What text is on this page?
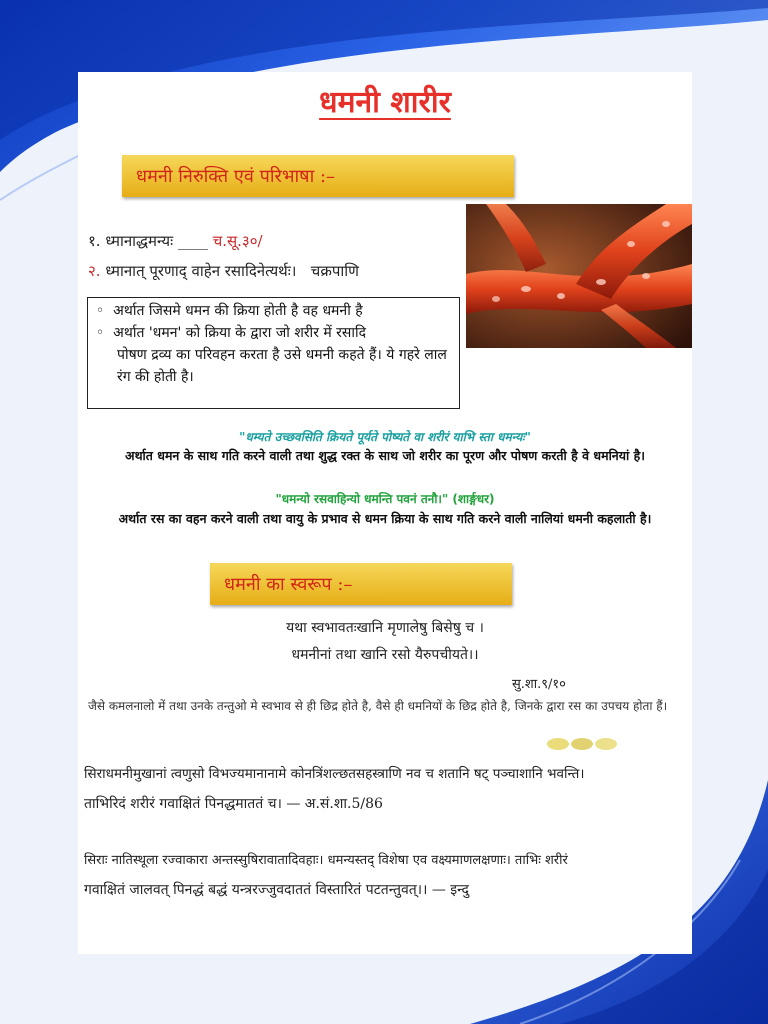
धमनी शारीर
धमनी निरुक्ति एवं परिभाषा :–
१. ध्मानाद्धमन्यः ____ च.सू.३०/
२. ध्मानात् पूरणाद् वाहेन रसादिनेत्यर्थः। चक्रपाणि
◦ अर्थात जिसमे धमन की क्रिया होती है वह धमनी है
◦ अर्थात 'धमन' को क्रिया के द्वारा जो शरीर में रसादि
पोषण द्रव्य का परिवहन करता है उसे धमनी कहते हैं। ये गहरे लाल रंग की होती है।
"धम्यते उच्छवसिति क्रियते पूर्यते पोष्यते वा शरीरं याभि स्ता धमन्यः"
अर्थात धमन के साथ गति करने वाली तथा शुद्ध रक्त के साथ जो शरीर का पूरण और पोषण करती है वे धमनियां है।
"धमन्यो रसवाहिन्यो धमन्ति पवनं तनौ।" (शार्ङ्गधर)
अर्थात रस का वहन करने वाली तथा वायु के प्रभाव से धमन क्रिया के साथ गति करने वाली नालियां धमनी कहलाती है।
धमनी का स्वरूप :–
यथा स्वभावतःखानि मृणालेषु बिसेषु च ।
धमनीनां तथा खानि रसो यैरुपचीयते।।
सु.शा.९/१०
जैसे कमलनालो में तथा उनके तन्तुओ मे स्वभाव से ही छिद्र होते है, वैसे ही धमनियों के छिद्र होते है, जिनके द्वारा रस का उपचय होता हैं।
सिराधमनीमुखानां त्वणुसो विभज्यमानानामे कोनत्रिंशल्छतसहस्त्राणि नव च शतानि षट् पञ्चाशानि भवन्ति।
ताभिरिदं शरीरं गवाक्षितं पिनद्धमाततं च। — अ.सं.शा.5/86
सिराः नातिस्थूला रज्वाकारा अन्तस्सुषिरावातादिवहाः। धमन्यस्तद् विशेषा एव वक्ष्यमाणलक्षणाः। ताभिः शरीरं
गवाक्षितं जालवत् पिनद्धं बद्धं यन्त्ररज्जुवदाततं विस्तारितं पटतन्तुवत्।। — इन्दु
